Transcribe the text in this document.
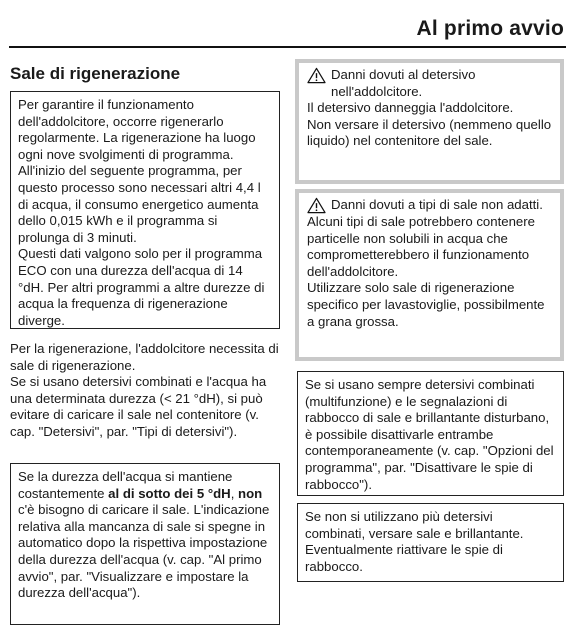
Al primo avvio
Sale di rigenerazione

Per garantire il funzionamento dell'addolcitore, occorre rigenerarlo regolarmente. La rigenerazione ha luogo ogni nove svolgimenti di programma. All'inizio del seguente programma, per questo processo sono necessari altri 4,4 l di acqua, il consumo energetico aumenta dello 0,015 kWh e il programma si prolunga di 3 minuti.

Questi dati valgono solo per il programma ECO con una durezza dell'acqua di 14 °dH. Per altri programmi a altre durezze di acqua la frequenza di rigenerazione diverge.

Per la rigenerazione, l'addolcitore necessita di sale di rigenerazione.

Se si usano detersivi combinati e l'acqua ha una determinata durezza (< 21 °dH), si può evitare di caricare il sale nel contenitore (v. cap. "Detersivi", par. "Tipi di detersivi").

Se la durezza dell'acqua si mantiene costantemente al di sotto dei 5 °dH, non c'è bisogno di caricare il sale. L'indicazione relativa alla mancanza di sale si spegne in automatico dopo la rispettiva impostazione della durezza dell'acqua (v. cap. "Al primo avvio", par. "Visualizzare e impostare la durezza dell'acqua").

Danni dovuti al detersivo nell'addolcitore.

Il detersivo danneggia l'addolcitore.

Non versare il detersivo (nemmeno quello liquido) nel contenitore del sale.

Danni dovuti a tipi di sale non adatti.

Alcuni tipi di sale potrebbero contenere particelle non solubili in acqua che comprometterebbero il funzionamento dell'addolcitore.

Utilizzare solo sale di rigenerazione specifico per lavastoviglie, possibilmente a grana grossa.

Se si usano sempre detersivi combinati (multifunzione) e le segnalazioni di rabbocco di sale e brillantante disturbano, è possibile disattivarle entrambe contemporaneamente (v. cap. "Opzioni del programma", par. "Disattivare le spie di rabbocco").

Se non si utilizzano più detersivi combinati, versare sale e brillantante. Eventualmente riattivare le spie di rabbocco.
